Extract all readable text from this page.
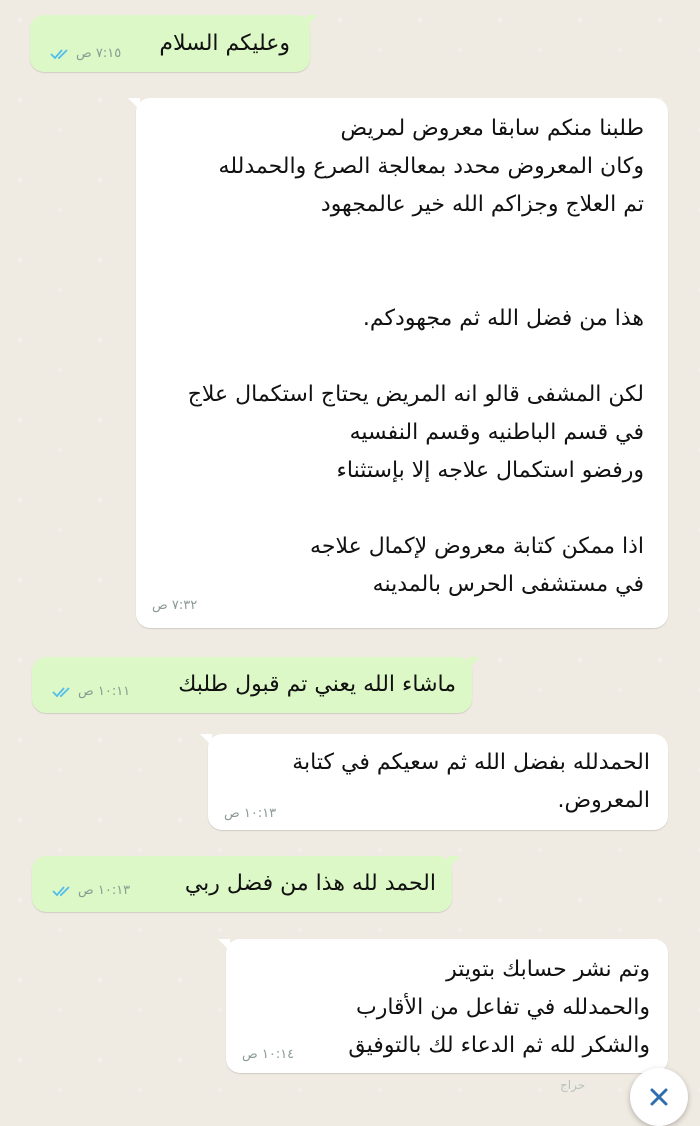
وعليكم السلام
٧:١٥ ص
طلبنا منكم سابقا معروض لمريض
وكان المعروض محدد بمعالجة الصرع والحمدلله
تم العلاج وجزاكم الله خير عالمجهود

هذا من فضل الله ثم مجهودكم.

لكن المشفى قالو انه المريض يحتاج استكمال علاج
في قسم الباطنيه وقسم النفسيه
ورفضو استكمال علاجه إلا بإستثناء

اذا ممكن كتابة معروض لإكمال علاجه
في مستشفى الحرس بالمدينه
٧:٣٢ ص
ماشاء الله يعني تم قبول طلبك
١٠:١١ ص
الحمدلله بفضل الله ثم سعيكم في كتابة
المعروض.
١٠:١٣ ص
الحمد لله هذا من فضل ربي
١٠:١٣ ص
وتم نشر حسابك بتويتر
والحمدلله في تفاعل من الأقارب
والشكر لله ثم الدعاء لك بالتوفيق
١٠:١٤ ص
حراج
